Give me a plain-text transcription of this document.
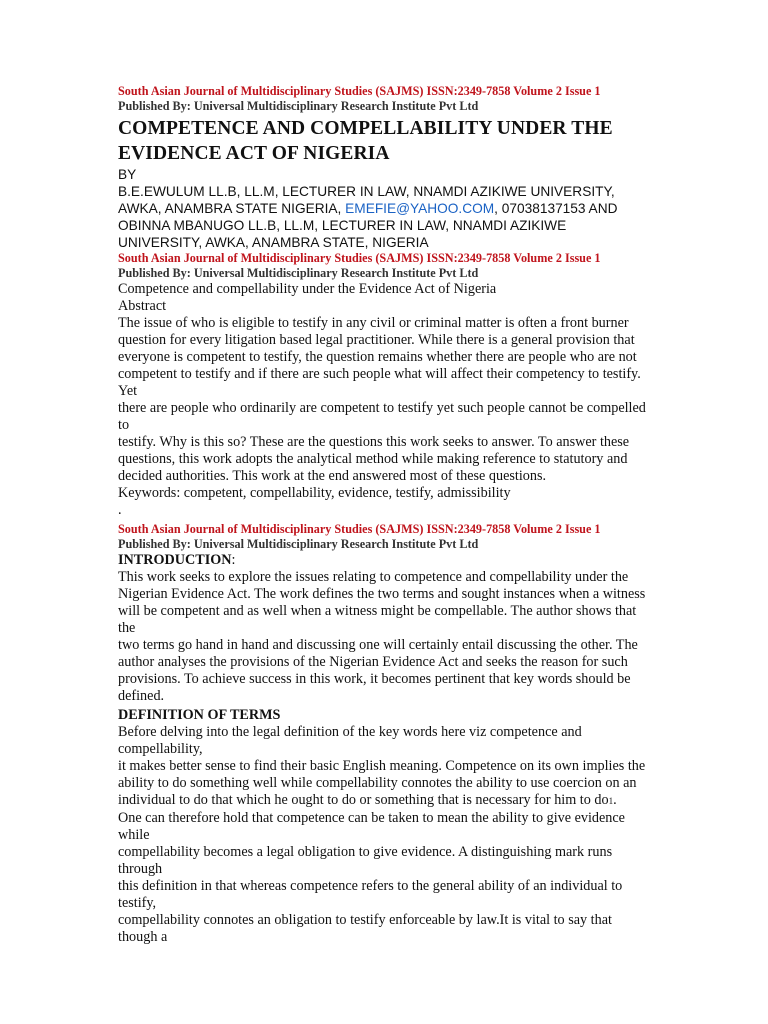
South Asian Journal of Multidisciplinary Studies (SAJMS) ISSN:2349-7858 Volume 2 Issue 1
Published By: Universal Multidisciplinary Research Institute Pvt Ltd
COMPETENCE AND COMPELLABILITY UNDER THE
EVIDENCE ACT OF NIGERIA
BY
B.E.EWULUM LL.B, LL.M, LECTURER IN LAW, NNAMDI AZIKIWE UNIVERSITY,
AWKA, ANAMBRA STATE NIGERIA, EMEFIE@YAHOO.COM, 07038137153 AND
OBINNA MBANUGO LL.B, LL.M, LECTURER IN LAW, NNAMDI AZIKIWE
UNIVERSITY, AWKA, ANAMBRA STATE, NIGERIA
South Asian Journal of Multidisciplinary Studies (SAJMS) ISSN:2349-7858 Volume 2 Issue 1
Published By: Universal Multidisciplinary Research Institute Pvt Ltd
Competence and compellability under the Evidence Act of Nigeria
Abstract
The issue of who is eligible to testify in any civil or criminal matter is often a front burner
question for every litigation based legal practitioner. While there is a general provision that
everyone is competent to testify, the question remains whether there are people who are not
competent to testify and if there are such people what will affect their competency to testify.
Yet
there are people who ordinarily are competent to testify yet such people cannot be compelled
to
testify. Why is this so? These are the questions this work seeks to answer. To answer these
questions, this work adopts the analytical method while making reference to statutory and
decided authorities. This work at the end answered most of these questions.
Keywords: competent, compellability, evidence, testify, admissibility
.
South Asian Journal of Multidisciplinary Studies (SAJMS) ISSN:2349-7858 Volume 2 Issue 1
Published By: Universal Multidisciplinary Research Institute Pvt Ltd
INTRODUCTION:
This work seeks to explore the issues relating to competence and compellability under the
Nigerian Evidence Act. The work defines the two terms and sought instances when a witness
will be competent and as well when a witness might be compellable. The author shows that
the
two terms go hand in hand and discussing one will certainly entail discussing the other. The
author analyses the provisions of the Nigerian Evidence Act and seeks the reason for such
provisions. To achieve success in this work, it becomes pertinent that key words should be
defined.
DEFINITION OF TERMS
Before delving into the legal definition of the key words here viz competence and
compellability,
it makes better sense to find their basic English meaning. Competence on its own implies the
ability to do something well while compellability connotes the ability to use coercion on an
individual to do that which he ought to do or something that is necessary for him to do1.
One can therefore hold that competence can be taken to mean the ability to give evidence
while
compellability becomes a legal obligation to give evidence. A distinguishing mark runs
through
this definition in that whereas competence refers to the general ability of an individual to
testify,
compellability connotes an obligation to testify enforceable by law.It is vital to say that
though a
